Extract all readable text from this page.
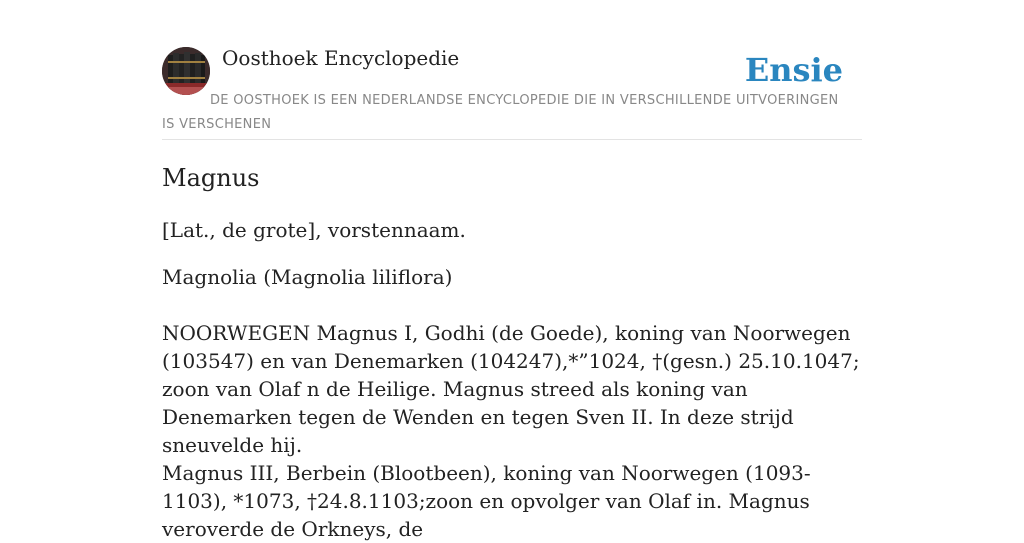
Oosthoek Encyclopedie	Ensie
DE OOSTHOEK IS EEN NEDERLANDSE ENCYCLOPEDIE DIE IN VERSCHILLENDE UITVOERINGEN IS VERSCHENEN
Magnus

[Lat., de grote], vorstennaam.

Magnolia (Magnolia liliflora)

NOORWEGEN Magnus I, Godhi (de Goede), koning van Noorwegen (103547) en van Denemarken (104247),*”1024, †(gesn.) 25.10.1047; zoon van Olaf n de Heilige. Magnus streed als koning van Denemarken tegen de Wenden en tegen Sven II. In deze strijd sneuvelde hij.

Magnus III, Berbein (Blootbeen), koning van Noorwegen (1093-1103), *1073, †24.8.1103;zoon en opvolger van Olaf in. Magnus veroverde de Orkneys, de
